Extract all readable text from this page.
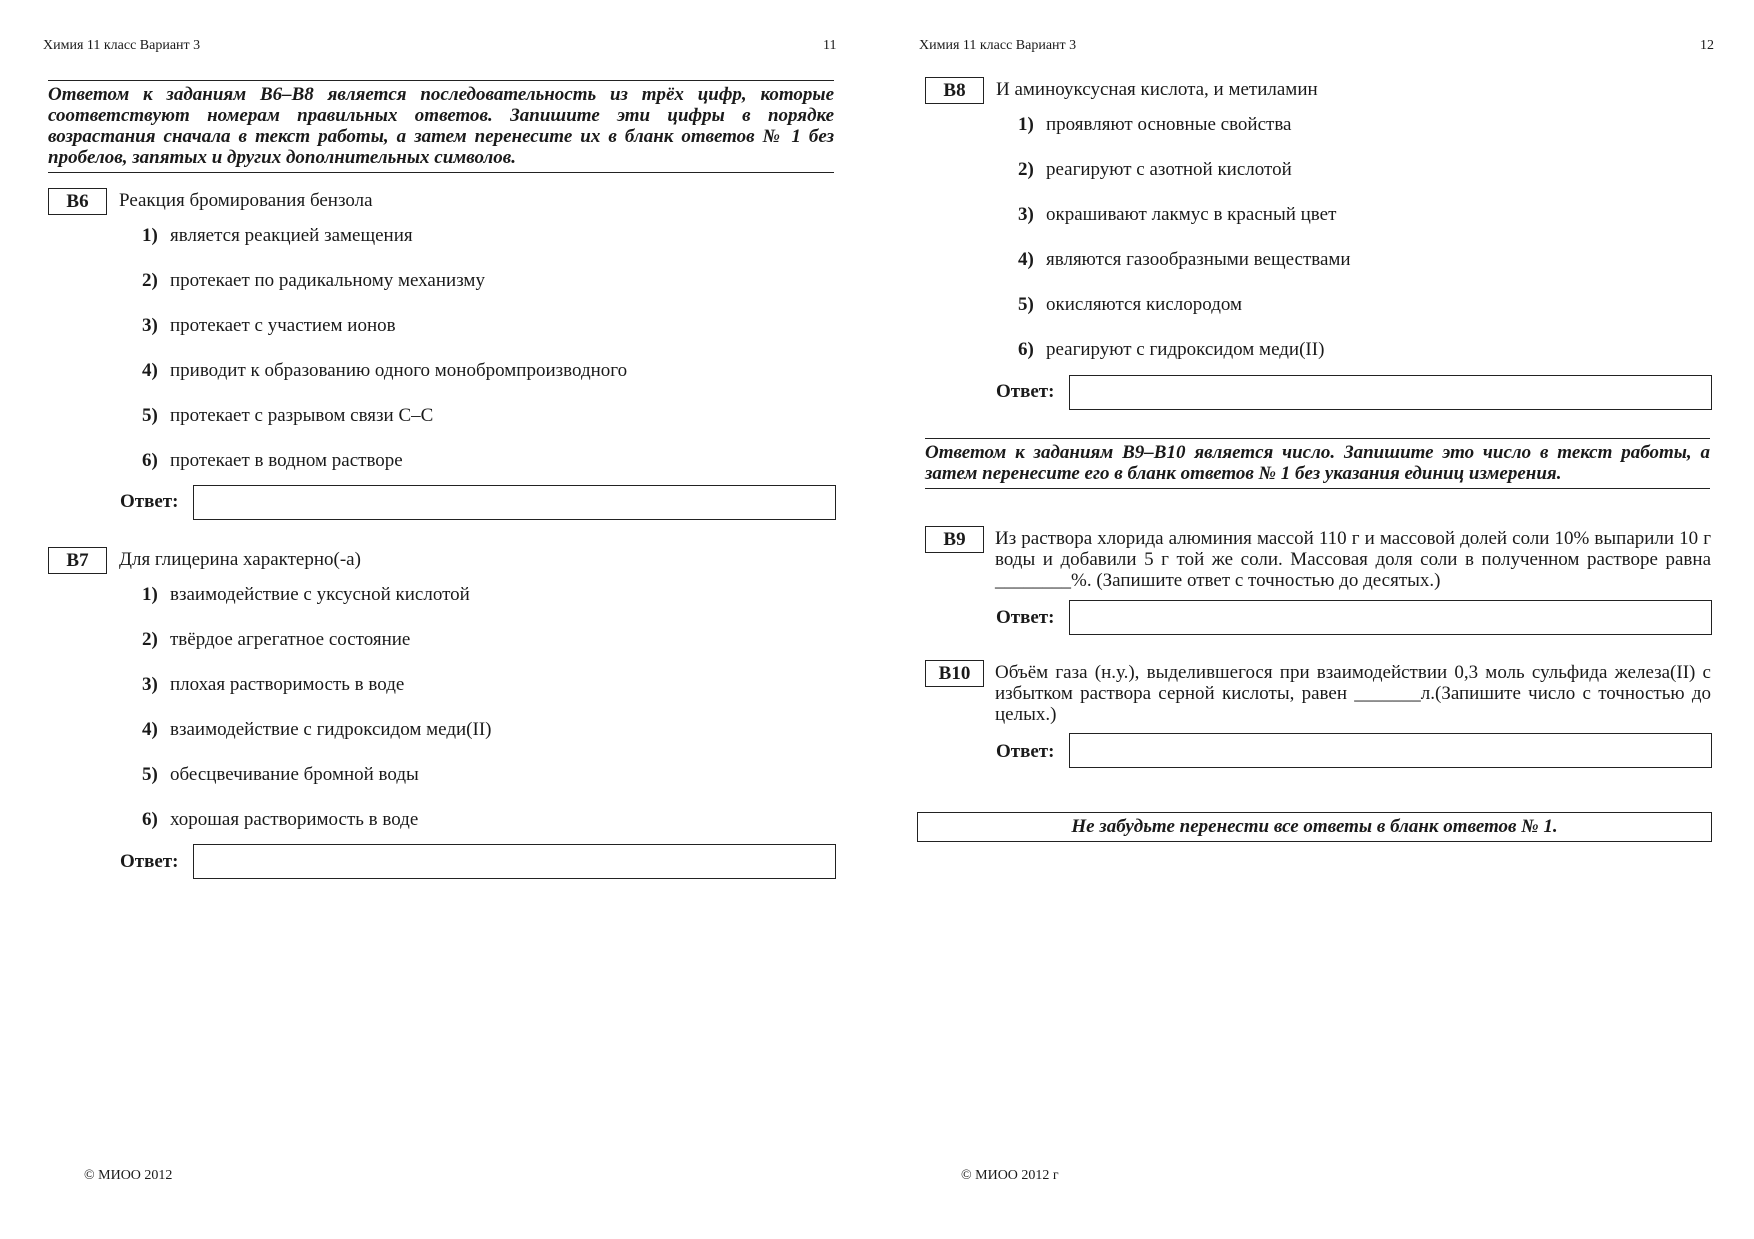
Химия 11 класс Вариант 3	11
Ответом к заданиям В6–В8 является последовательность из трёх цифр, которые соответствуют номерам правильных ответов. Запишите эти цифры в порядке возрастания сначала в текст работы, а затем перенесите их в бланк ответов № 1 без пробелов, запятых и других дополнительных символов.
B6	Реакция бромирования бензола
1) является реакцией замещения
2) протекает по радикальному механизму
3) протекает с участием ионов
4) приводит к образованию одного монобромпроизводного
5) протекает с разрывом связи С–С
6) протекает в водном растворе
Ответ:
B7	Для глицерина характерно(-а)
1) взаимодействие с уксусной кислотой
2) твёрдое агрегатное состояние
3) плохая растворимость в воде
4) взаимодействие с гидроксидом меди(II)
5) обесцвечивание бромной воды
6) хорошая растворимость в воде
Ответ:
© МИОО 2012
Химия 11 класс Вариант 3	12
B8	И аминоуксусная кислота, и метиламин
1) проявляют основные свойства
2) реагируют с азотной кислотой
3) окрашивают лакмус в красный цвет
4) являются газообразными веществами
5) окисляются кислородом
6) реагируют с гидроксидом меди(II)
Ответ:
Ответом к заданиям В9–В10 является число. Запишите это число в текст работы, а затем перенесите его в бланк ответов № 1 без указания единиц измерения.
B9	Из раствора хлорида алюминия массой 110 г и массовой долей соли 10% выпарили 10 г воды и добавили 5 г той же соли. Массовая доля соли в полученном растворе равна ________%. (Запишите ответ с точностью до десятых.)
Ответ:
B10	Объём газа (н.у.), выделившегося при взаимодействии 0,3 моль сульфида железа(II) с избытком раствора серной кислоты, равен _______л.(Запишите число с точностью до целых.)
Ответ:
Не забудьте перенести все ответы в бланк ответов № 1.
© МИОО 2012 г
